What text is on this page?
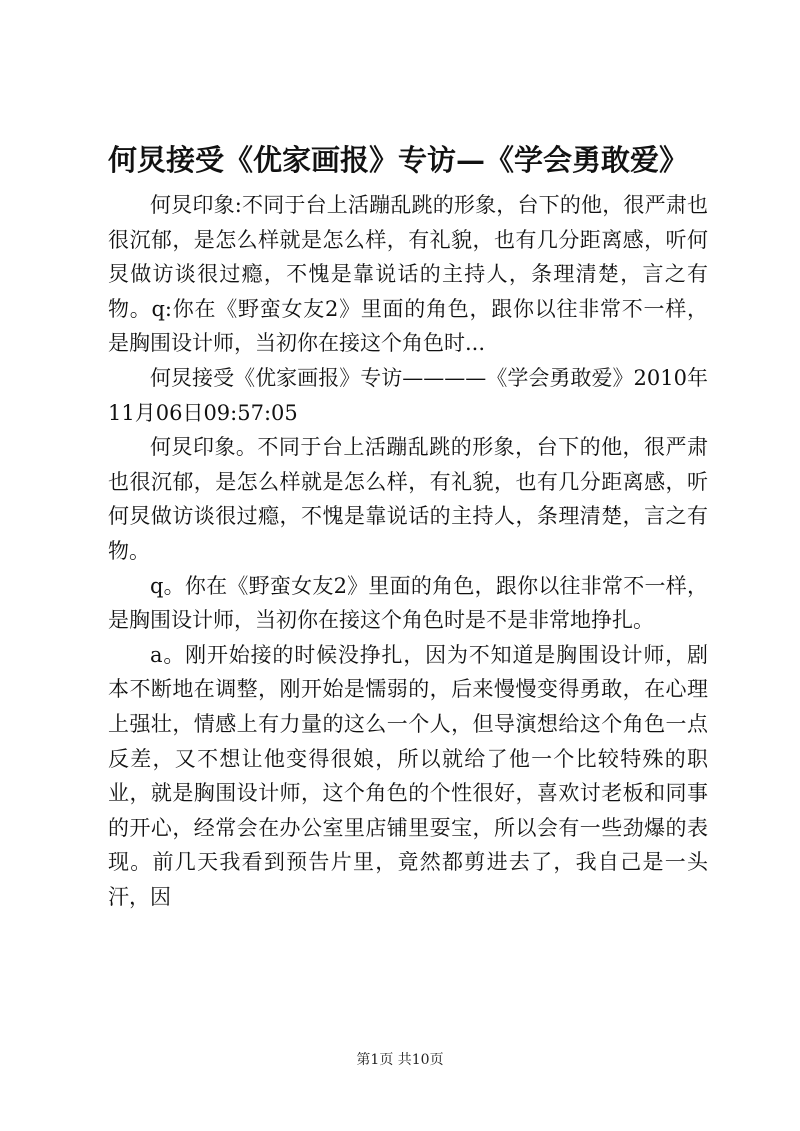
何炅接受《优家画报》专访—《学会勇敢爱》

何炅印象:不同于台上活蹦乱跳的形象，台下的他，很严肃也很沉郁，是怎么样就是怎么样，有礼貌，也有几分距离感，听何炅做访谈很过瘾，不愧是靠说话的主持人，条理清楚，言之有物。q:你在《野蛮女友2》里面的角色，跟你以往非常不一样，是胸围设计师，当初你在接这个角色时...

何炅接受《优家画报》专访————《学会勇敢爱》2010年11月06日09:57:05

何炅印象。不同于台上活蹦乱跳的形象，台下的他，很严肃也很沉郁，是怎么样就是怎么样，有礼貌，也有几分距离感，听何炅做访谈很过瘾，不愧是靠说话的主持人，条理清楚，言之有物。

q。你在《野蛮女友2》里面的角色，跟你以往非常不一样，是胸围设计师，当初你在接这个角色时是不是非常地挣扎。

a。刚开始接的时候没挣扎，因为不知道是胸围设计师，剧本不断地在调整，刚开始是懦弱的，后来慢慢变得勇敢，在心理上强壮，情感上有力量的这么一个人，但导演想给这个角色一点反差，又不想让他变得很娘，所以就给了他一个比较特殊的职业，就是胸围设计师，这个角色的个性很好，喜欢讨老板和同事的开心，经常会在办公室里店铺里耍宝，所以会有一些劲爆的表现。前几天我看到预告片里，竟然都剪进去了，我自己是一头汗，因

第1页 共10页
